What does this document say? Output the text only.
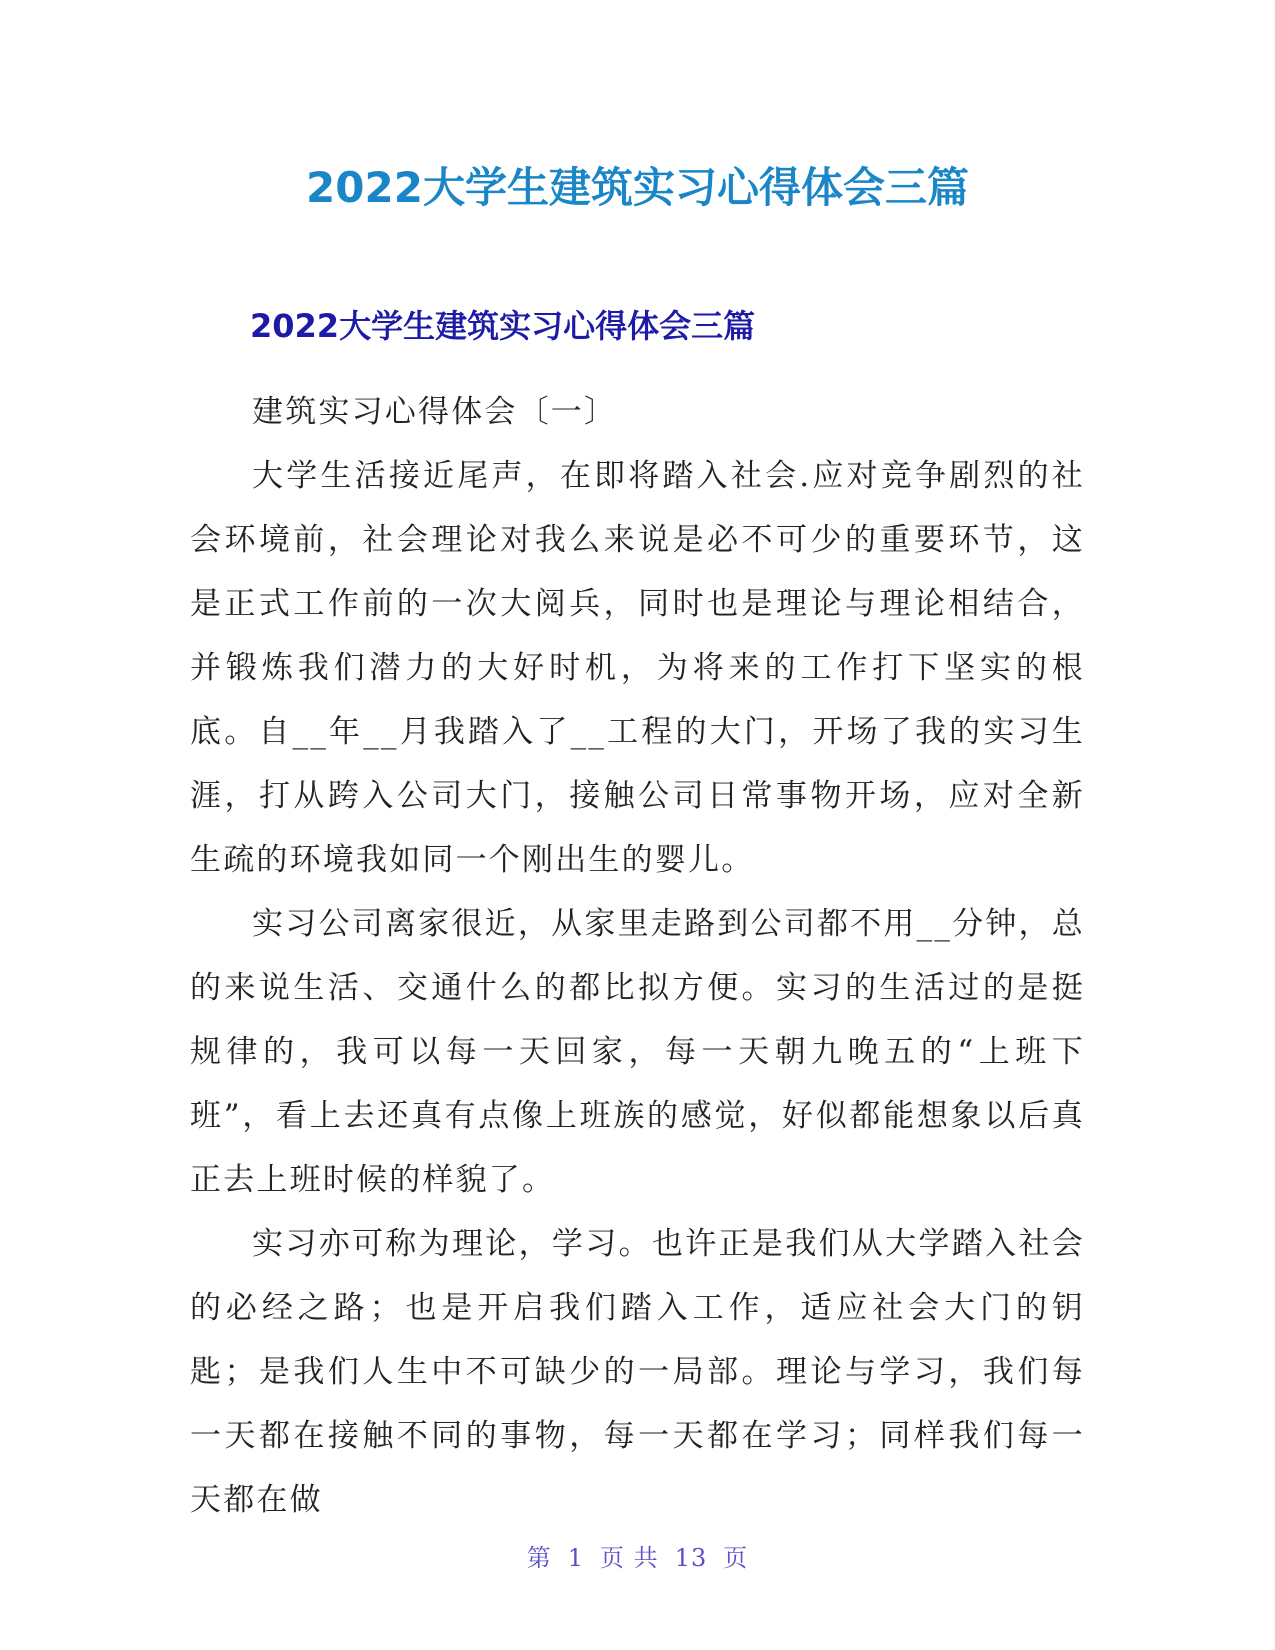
2022大学生建筑实习心得体会三篇
2022大学生建筑实习心得体会三篇

建筑实习心得体会〔一〕

大学生活接近尾声，在即将踏入社会.应对竞争剧烈的社会环境前，社会理论对我么来说是必不可少的重要环节，这是正式工作前的一次大阅兵，同时也是理论与理论相结合，并锻炼我们潜力的大好时机，为将来的工作打下坚实的根底。自__年__月我踏入了__工程的大门，开场了我的实习生涯，打从跨入公司大门，接触公司日常事物开场，应对全新生疏的环境我如同一个刚出生的婴儿。

实习公司离家很近，从家里走路到公司都不用__分钟，总的来说生活、交通什么的都比拟方便。实习的生活过的是挺规律的，我可以每一天回家，每一天朝九晚五的“上班下班”，看上去还真有点像上班族的感觉，好似都能想象以后真正去上班时候的样貌了。

实习亦可称为理论，学习。也许正是我们从大学踏入社会的必经之路；也是开启我们踏入工作，适应社会大门的钥匙；是我们人生中不可缺少的一局部。理论与学习，我们每一天都在接触不同的事物，每一天都在学习；同样我们每一天都在做

第 1 页 共 13 页
